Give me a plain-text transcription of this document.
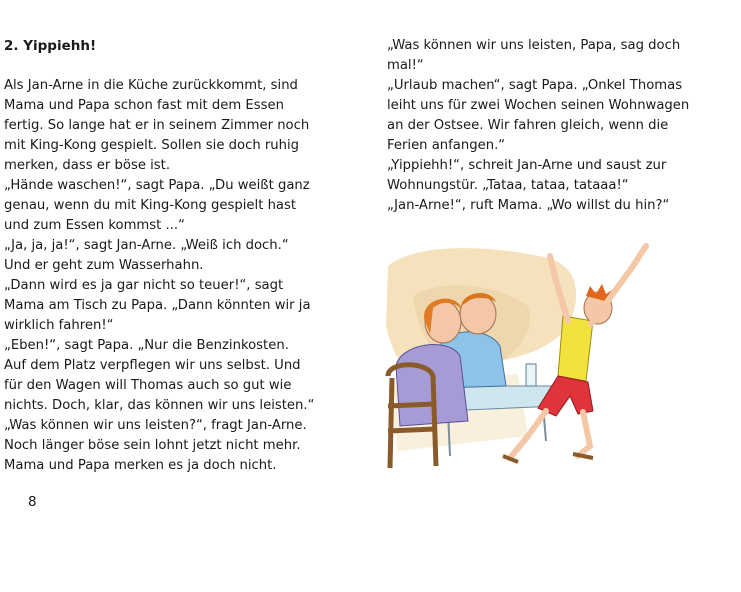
2. Yippiehh!
Als Jan-Arne in die Küche zurückkommt, sind
Mama und Papa schon fast mit dem Essen
fertig. So lange hat er in seinem Zimmer noch
mit King-Kong gespielt. Sollen sie doch ruhig
merken, dass er böse ist.
„Hände waschen!“, sagt Papa. „Du weißt ganz
genau, wenn du mit King-Kong gespielt hast
und zum Essen kommst ...“
„Ja, ja, ja!“, sagt Jan-Arne. „Weiß ich doch.“
Und er geht zum Wasserhahn.
„Dann wird es ja gar nicht so teuer!“, sagt
Mama am Tisch zu Papa. „Dann könnten wir ja
wirklich fahren!“
„Eben!“, sagt Papa. „Nur die Benzinkosten.
Auf dem Platz verpflegen wir uns selbst. Und
für den Wagen will Thomas auch so gut wie
nichts. Doch, klar, das können wir uns leisten.“
„Was können wir uns leisten?“, fragt Jan-Arne.
Noch länger böse sein lohnt jetzt nicht mehr.
Mama und Papa merken es ja doch nicht.
8
„Was können wir uns leisten, Papa, sag doch
mal!“
„Urlaub machen“, sagt Papa. „Onkel Thomas
leiht uns für zwei Wochen seinen Wohnwagen
an der Ostsee. Wir fahren gleich, wenn die
Ferien anfangen.“
„Yippiehh!“, schreit Jan-Arne und saust zur
Wohnungstür. „Tataa, tataa, tataaa!“
„Jan-Arne!“, ruft Mama. „Wo willst du hin?“
